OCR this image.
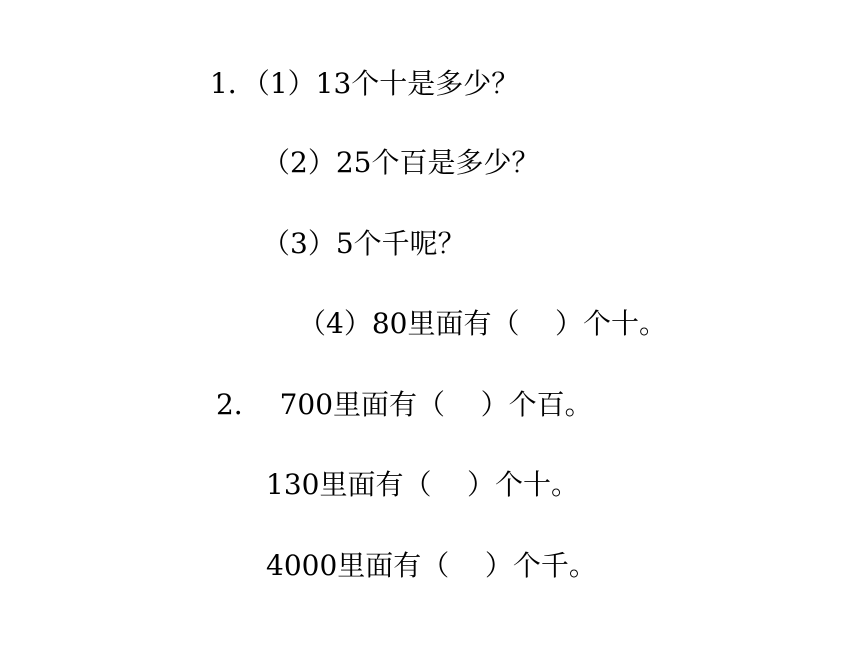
1．（1）13个十是多少？
（2）25个百是多少？
（3）5个千呢？
（4）80里面有（    ）个十。
2．  700里面有（    ）个百。
130里面有（    ）个十。
4000里面有（    ）个千。
